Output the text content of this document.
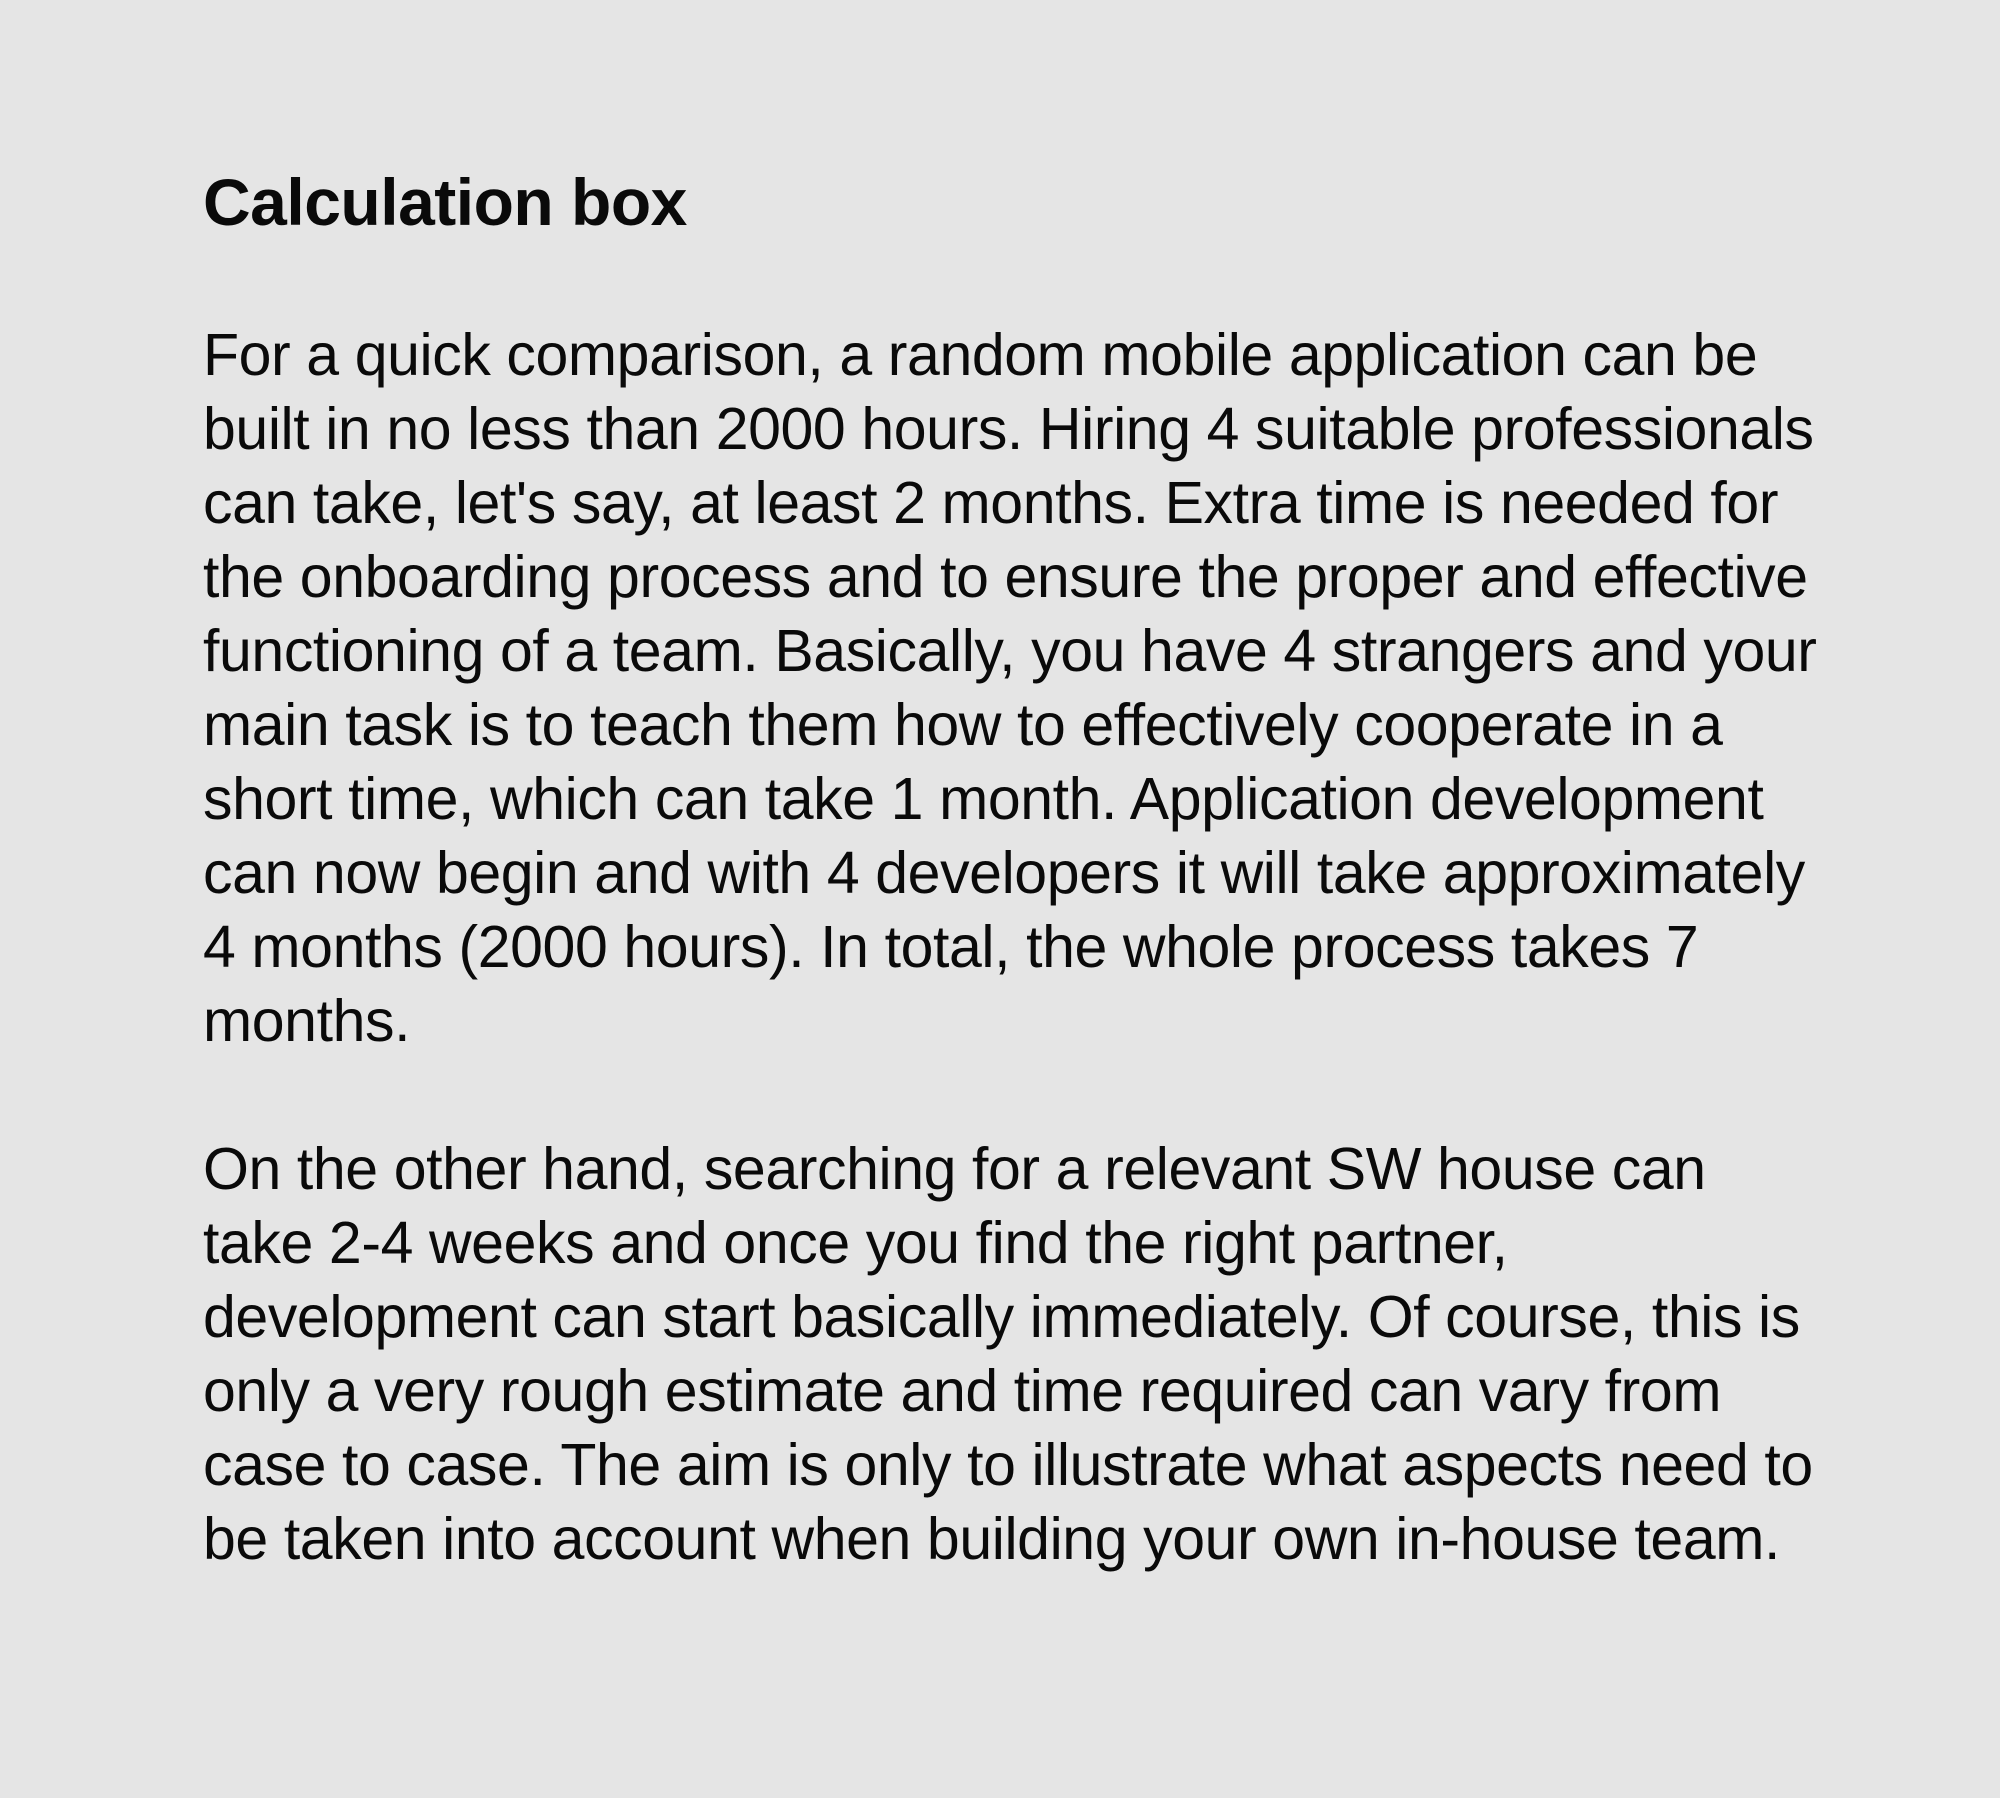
Calculation box

For a quick comparison, a random mobile application can be built in no less than 2000 hours. Hiring 4 suitable professionals can take, let's say, at least 2 months. Extra time is needed for the onboarding process and to ensure the proper and effective functioning of a team. Basically, you have 4 strangers and your main task is to teach them how to effectively cooperate in a short time, which can take 1 month. Application development can now begin and with 4 developers it will take approximately 4 months (2000 hours). In total, the whole process takes 7 months.

On the other hand, searching for a relevant SW house can take 2-4 weeks and once you find the right partner, development can start basically immediately. Of course, this is only a very rough estimate and time required can vary from case to case. The aim is only to illustrate what aspects need to be taken into account when building your own in-house team.
